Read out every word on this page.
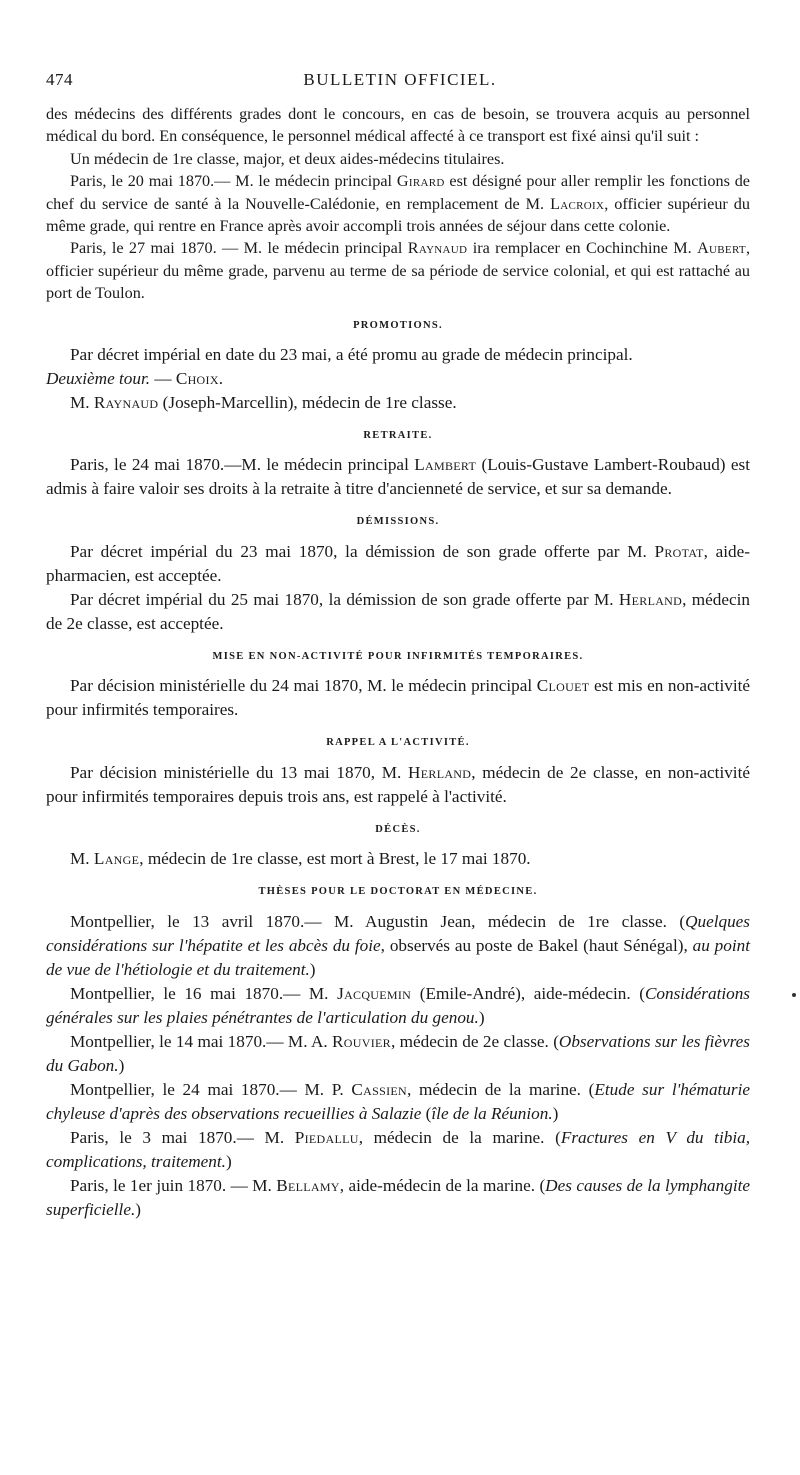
474	BULLETIN OFFICIEL.

des médecins des différents grades dont le concours, en cas de besoin, se trouvera acquis au personnel médical du bord. En conséquence, le personnel médical affecté à ce transport est fixé ainsi qu'il suit :

Un médecin de 1re classe, major, et deux aides-médecins titulaires.

Paris, le 20 mai 1870.— M. le médecin principal Girard est désigné pour aller remplir les fonctions de chef du service de santé à la Nouvelle-Calédonie, en remplacement de M. Lacroix, officier supérieur du même grade, qui rentre en France après avoir accompli trois années de séjour dans cette colonie.

Paris, le 27 mai 1870. — M. le médecin principal Raynaud ira remplacer en Cochinchine M. Aubert, officier supérieur du même grade, parvenu au terme de sa période de service colonial, et qui est rattaché au port de Toulon.

PROMOTIONS.

Par décret impérial en date du 23 mai, a été promu au grade de médecin principal.

Deuxième tour. — Choix.

M. Raynaud (Joseph-Marcellin), médecin de 1re classe.

RETRAITE.

Paris, le 24 mai 1870.—M. le médecin principal Lambert (Louis-Gustave Lambert-Roubaud) est admis à faire valoir ses droits à la retraite à titre d'ancienneté de service, et sur sa demande.

DÉMISSIONS.

Par décret impérial du 23 mai 1870, la démission de son grade offerte par M. Protat, aide-pharmacien, est acceptée.

Par décret impérial du 25 mai 1870, la démission de son grade offerte par M. Herland, médecin de 2e classe, est acceptée.

MISE EN NON-ACTIVITÉ POUR INFIRMITÉS TEMPORAIRES.

Par décision ministérielle du 24 mai 1870, M. le médecin principal Clouet est mis en non-activité pour infirmités temporaires.

RAPPEL A L'ACTIVITÉ.

Par décision ministérielle du 13 mai 1870, M. Herland, médecin de 2e classe, en non-activité pour infirmités temporaires depuis trois ans, est rappelé à l'activité.

DÉCÈS.

M. Lange, médecin de 1re classe, est mort à Brest, le 17 mai 1870.

THÈSES POUR LE DOCTORAT EN MÉDECINE.

Montpellier, le 13 avril 1870.— M. Augustin Jean, médecin de 1re classe. (Quelques considérations sur l'hépatite et les abcès du foie, observés au poste de Bakel (haut Sénégal), au point de vue de l'hétiologie et du traitement.)

Montpellier, le 16 mai 1870.— M. Jacquemin (Emile-André), aide-médecin. (Considérations générales sur les plaies pénétrantes de l'articulation du genou.)

Montpellier, le 14 mai 1870.— M. A. Rouvier, médecin de 2e classe. (Observations sur les fièvres du Gabon.)

Montpellier, le 24 mai 1870.— M. P. Cassien, médecin de la marine. (Etude sur l'hématurie chyleuse d'après des observations recueillies à Salazie (île de la Réunion.)

Paris, le 3 mai 1870.— M. Piedallu, médecin de la marine. (Fractures en V du tibia, complications, traitement.)

Paris, le 1er juin 1870. — M. Bellamy, aide-médecin de la marine. (Des causes de la lymphangite superficielle.)
